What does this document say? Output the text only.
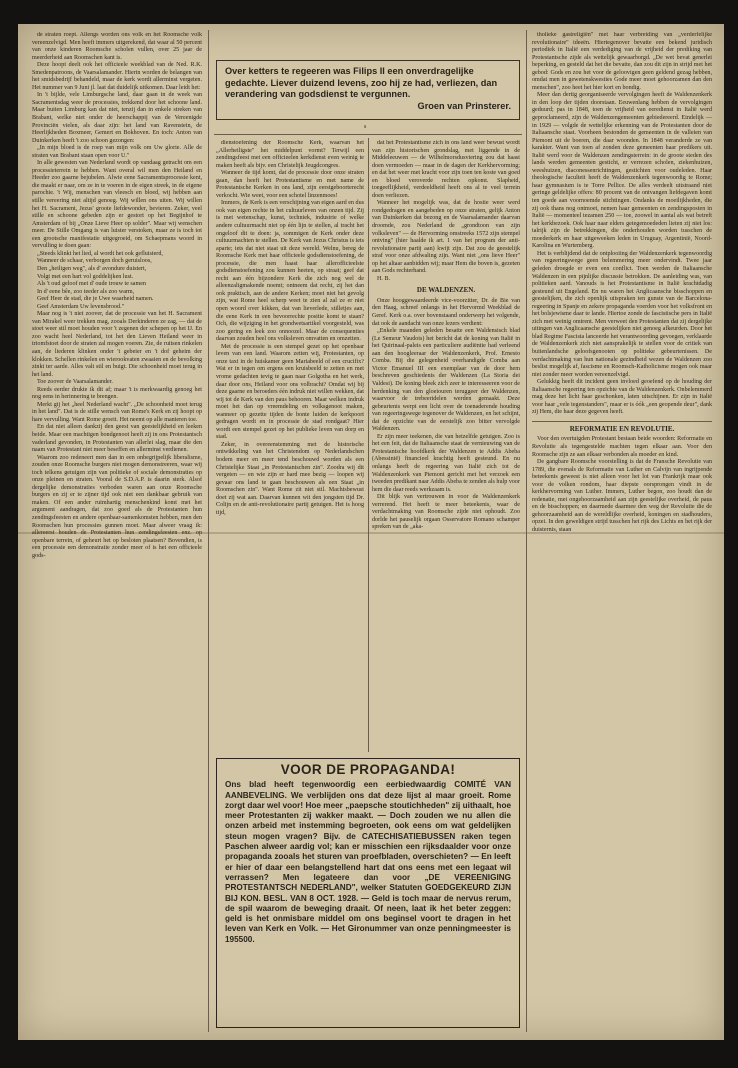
de straten roept. Allengs worden ons volk en het Roomsche volk vereenzelvigd. Men heeft immers uitgerekend, dat waar al 50 percent van onze kinderen Roomsche scholen vullen, over 25 jaar de meerderheid aan Roomschen kant is.

Deze hoopt deelt ook het officieele weekblad van de Ned. R.K. Smedenpatroons, de Vaarsalamander. Hierin worden de belangen van het smidsbedrijf behandeld, maar de kerk wordt allerminst vergeten. Het nummer van 9 Juni jl. laat dat duidelijk uitkomen. Daar leidt het:

In 't bijlde, vele Limburgsche land, daar gaan in de week van Sacramentsdag weer de processies, trekkend door het schoone land. Maar buiten Limburg kan dat niet, tenzij dan in enkele streken van Brabant, welke niet onder de heerschappij van de Vereenigde Provinciën vielen, als daar zijn: het land van Ravenstein, de Heerlijkheden Boxmeer, Gemert en Bokhoven. En toch: Anton van Duinkerken heeft 't zoo schoon gezongen:

„In mijn bloed is de roep van mijn volk om Uw glorie. Alle de straten van Brabant staan open voor U."

In alle gewesten van Nederland wordt op vandaag getracht om een processieterrein te hebben. Want overal wil men den Heiland en Heeder zoo gaarne bejubelen. Alwie eene Sacramentsprocessie kent, die maakt er naar, om ze in te voeren in de eigen streek, in de eigene parochie. 't Wij, menschen van vleesch en bloed, wij hebben aan stille vereering niet altijd genoeg. Wij willen ons uiten. Wij willen het H. Sacrament, Jezus' groote liefdewonder, bevieren. Zeker, veel stille en schoone gebeden zijn er gestort op het Begijnhof te Amsterdam of bij „Onze Lieve Heer op solder". Maar wij wenschen meer. De Stille Omgang is van luister verstoken, maar ze is toch tot een grootsche manifestatie uitgegroeid, om Schaepmans woord in vervulling te doen gaan:

„Steeds klinkt het lied, al wordt het ook gefluisterd,

Wanneer de schaar, verborgen doch geruisloos,

Den „heiligen weg", als d' avondure duistert,

Volgt met een hart vol goddelijken lust.

Als 't oud geloof met d' oude trouw te samen

In d' eene bêe, zoo teeder als zoo warm,

Geef Heer de stad, die je Uwe waarheid namen.

Geef Amsterdam Uw levensbrood."

Maar nog is 't niet zoover, dat de processie van het H. Sacrament van Mirakel weer trekken mag, zooals Derkinderen ze zag, — dat de stoet weer stil moet houden voor 't zegenen der schepen op het IJ. En zoo wacht heel Nederland, tot het den Lieven Heiland weer in triomfstoet door de straten zal mogen voeren. Zie, de ruitsen rinkelen aan, de liederen klinken onder 't gebeier en 't dof geheim der klokken. Schellen rinkelen en wierookvaten zwaaien en de bevolking zinkt ter aarde. Alles valt stil en buigt. Die schoonheid moet terug in het land.

Toe zoover de Vaarsalamander.

Reeds eerder drukte ik dit af; maar 't is merkwaardig genoeg het nog eens in herinnering te brengen.

Merkt gij het „heel Nederland wacht". „De schoonheid moet terug in het land". Dat is de stille wensch van Rome's Kerk en zij hoopt op hare vervulling. Want Rome groeit. Het neemt op alle manieren toe.

En dat niet alleen dankzij den geest van geestelijkheid en leeken beide. Maar een machtigen bondgenoot heeft zij in ons Protestantsch vaderland gevonden, in Protestanten van allerlei slag, maar die den naam van Protestant niet meer beseffen en allerminst verdienen.

Waarom zoo redeneert men dan in een onbegrijpelijk liberalisme, zouden onze Roomsche burgers niet mogen demonstreeren, waar wij toch telkens getuigen zijn van politieke of sociale demonstraties op onze pleinen en straten. Vooral de S.D.A.P. is daarin sterk. Alsof dergelijke demonstraties verboden waren aan onze Roomsche burgers en zij er te zijner tijd ook niet een dankbaar gebruik van maken. Of een ander ruimhartig menschenkind komt met het argument aandragen, dat zoo goed als de Protestanten hun zendingsfeesten en andere openbaar-samenkomsten hebben, men den Roomschen hun processies gunnen moet. Maar alweer vraag ik: allereerst houden de Protestanten hun zendingsfeesten enz. op openbare terrein, of geheurt het op besloten plaatsen? Bovendien, is een processie een demonstratie zonder meer of is het een officieele gods-

Over ketters te regeeren was Filips II een onverdragelijke gedachte. Liever duizend levens, zoo hij ze had, verliezen, dan verandering van godsdienst te vergunnen.
Groen van Prinsterer.
s

dienstoefening der Roomsche Kerk, waarvan het „Allerheiligste" het middelpunt vormt? Terwijl een zendingsfeest met een officieelen kerkdienst even weinig te maken heeft als bijv. een Christelijk Jeugdcongres.

Wanneer de tijd komt, dat de processie door onze straten gaan, dan heeft het Protestantisme en met name de Protestantsche Kerken in ons land, zijn eerstgeboorterecht verkocht. Wie weet, voor een schotel linzenmoes!

Immers, de Kerk is een verschijning van eigen aard en dus ook van eigen rechte in het cultuurleven van onzen tijd. Zij is met wetenschap, kunst, techniek, industrie of welke andere cultuurmacht niet op één lijn te stellen, al tracht het ongeloof dit te doen: ja, sommigen de Kerk onder deze cultuurmachten te stellen. De Kerk van Jezus Christus is iets aparte; iets dat niet staat uit deze wereld. Welnu, bereg de Roomsche Kerk met haar officieele godsdienstoefening, de processie, die men haast haar allerofficieelste godsdienstoefening zou kunnen heeten, op straat; geef dat recht aan één bijzondere Kerk die zich nog wel de alleenzaligmakende noemt; ontneem dat recht, zij het dan ook praktisch, aan de andere Kerken; moet niet het gevolg zijn, wat Rome heel scherp weet te zien al zal ze er niet open woord over kikken, dat van lieverlede, stilletjes aan, die eene Kerk in een bevoorrechte positie komt te staan? Och, die wijziging in het grondwetsartikel voorgesteld, was zoo gering en leek zoo onnoozel. Maar de consequenties daarvan zouden heel ons volksleven omvatten en omzetten.

Met de processie is een stempel gezet op het openbaar leven van een land. Waarom zetten wij, Protestanten, op onze taxi in de huiskamer geen Mariabeeld of een crucifix? Wat er in tegen om ergens een kruisbeeld te zetten en met vrome gedachten tevig te gaan naar Golgotha en het werk, daar door ons, Heiland voor ons volbracht? Omdat wij bij deze gaarne en beroeders één indruk niet willen wekken, dat wij tot de Kerk van den paus behooren. Maar welken indruk moet het dan op vreemdeling en volksgenoot maken, wanneer op gezette tijden de bonte luiden de kerkpoort gedragen wordt en in processie de stad rondgaat? Hier wordt een stempel gezet op het publieke leven van dorp en stad.

Zeker, in overeenstemming met de historische ontwikkeling van het Christendom op Nederlandschen bodem meer en meer tend beschouwd worden als een Christelijke Staat „in Protestantschen zin". Zoodra wij dit vergeten — en wie zijn er hard mee bezig — loopen wij gevaar ons land te gaan beschouwen als een Staat „in Roomschen zin". Want Rome zit niet stil. Machtsbewust doet zij wat aan. Daarvan kunnen wit den jongsten tijd Dr. Colijn en de anti-revolutionaire partij getuigen. Het is hoog tijd,

dat het Protestantisme zich in ons land weer bewust wordt van zijn historischen grondslag, met liggende in de Middeleeuwen — de Wilhelmorsdusviering zou dat haast doen vermoeden — maar in de dagen der Kerkhervorming; en dat het weer met kracht voor zijn toen ten koste van goed en bloed veroverde rechten opkomt. Slapheid, toegeeflijkheid, verdeeldheid heeft ons al te veel terrein doen verliezen.

Wanneer het mogelijk was, dat de hostie weer werd rondgedragen en aangebeden op onze straten, gelijk Anton van Duinkerken dat bezong en de Vaarsalamander daarvan droomde, zou Nederland de „grondtoon van zijn volksleven" — de Hervorming omstreeks 1572 zijn stempel ontving" (hier haalde ik art. 1 van het program der anti-revolutionaire partij aan) kwijt zijn. Dat zou de geestelijk straf voor onze afdwaling zijn. Want niet „ons lieve Heer" op het altaar aanbidden wij; maar Hem die boven is, gezeten aan Gods rechterhand.

H. B.

DE WALDENZEN.

Onze hooggewaardeerde vice-voorzitter, Dr. de Bie van den Haag, schreef onlangs in het Hervormd Weekblad de Geref. Kerk o.a. over bovenstaand onderwerp het volgende, dat ook de aandacht van onze lezers verdient:

„Enkele maanden geleden besatte een Waldensisch blad (Le Semeur Vaudois) het bericht dat de koning van Italië in het Quirinaal-paleis een particuliere audiëntie had verleend aan den hoogleeraar der Waldenzenkerk, Prof. Ernesto Comba. Bij die gelegenheid overhandigde Comba aan Victor Emanuel III een exemplaar van de door hem beschreven geschiedenis der Waldenzen (La Storia dei Valdesi). De koning bleek zich zeer te interesseeren voor de herdenking van den gloeiouren teruggeer der Waldenzen, waarvoor de trebeeridelen werden gemaakt. Deze gebeurtenis werpt een licht over de toenaderende houding van regeeringswege tegenover de Waldenzen, en het schijnt, dat de opzichte van de eerstelijk zoo bitter vervolgde Waldenzen.

Er zijn meer teekenen, die van hetzelfde getuigen. Zoo is het een feit, dat de Italiaansche staat de vernieuwing van de Protestantsche hoofdkerk der Waldenzen te Addis Abeba (Abessinië) financieel krachtig heeft gesteund. En nu onlangs heeft de regeering van Italië zich tot de Waldenzenkerk van Piemont gericht met het verzoek een tweeden predikant naar Addis Abeba te zenden als hulp voor hem die daar reeds werkzaam is.

Dit blijk van vertrouwen in voor de Waldenzenkerk verrerend. Het heeft te meer beteekenis, waar de verdachtmaking van Roomsche zijde niet ophoudt. Zoo dorlde het pauselijk orgaan Osservatore Romano schamper spreken van de „aka-

VOOR DE PROPAGANDA!
Ons blad heeft tegenwoordig een eerbiedwaardig COMITÉ VAN AANBEVELING. We verblijden ons dat deze lijst al maar groeit. Rome zorgt daar wel voor! Hoe meer „paepsche stoutichheden" zij uithaalt, hoe meer Protestanten zij wakker maakt. — Doch zouden we nu allen die onzen arbeid met instemming begroeten, ook eens om wat geldelijken steun mogen vragen? Bijv. de CATECHISATIEBUSSEN raken tegen Paschen alweer aardig vol; kan er misschien een rijksdaalder voor onze propaganda zooals het sturen van proefbladen, overschieten? — En leeft er hier of daar een belangstellend hart dat ons eens met een legaat wil verrassen? Men legateere dan voor „DE VEREENIGING PROTESTANTSCH NEDERLAND", welker Statuten GOEDGEKEURD ZIJN BIJ KON. BESL. VAN 8 OCT. 1928. — Geld is toch maar de nervus rerum, de spil waarom de beweging draait. Of neen, laat ik het beter zeggen: geld is het onmisbare middel om ons beginsel voort te dragen in het leven van Kerk en Volk. — Het Gironummer van onze penningmeester is 195500.

tholieke gastreligiën" met haar verbreiding van „verderfelijke revolutionaire" ideeën. Hiertegenover bevatte een bekend juridisch periodiek in Italië een verdediging van de vrijheid der prediking van Protestantsche zijde als wettelijk gewaarborgd. „De wet bevat generlei beperking, en gesteld dat het die bevatte, dan zou dit zijn in strijd met het gebod: Gods en zou het voor de geloovigen geen geldend gezag hebben, omdat men in gewetenskwesties Gode meer moet gehoorzamen dan den menschen", zoo heet het hier kort en bondig.

Meer dan dertig georganiseerde vervolgingen heeft de Waldenzenkerk in den loop der tijden doorstaan. Eeuwenlang hebben de vervolgingen geduurd; pas in 1848, toen de vrijheid van eeredienst in Italië werd geproclameerd, zijn de Waldenzengemeenten gebiedereerd. Eindelijk — in 1929 — volgde de wettelijke erkenning van de Protestanten door de Italiaansche staat. Voorheen bestonden de gemeenten in de valleien van Piemont uit de boeren, die daar woonden. In 1848 veranderde ze van karakter. Want van toen af zonden deze gemeenten haar predikers uit. Italië werd voor de Waldenzen zendingsterrein: in de groote steden des lands werden gemeenten gesticht, er verrezen scholen, ziekenhuizen, weeshuizen, diaconessenrichtingen, gestichten voor oudeleden. Haar theologische faculteit heeft de Waldenzenkerk tegenwoordig te Rome; haar gymnasium is te Torre Pellice. De alles verdeelt uitstraand niet geringe geldelijke offers: 80 procent van de ontvangen liefdegaven komt ten goede aan voornoemde stichtingen. Ondanks de moeilijkheden, die zij ook thans nog ontmoet, nemen haar gemeenten en zendingsposten in Italië — momenteel tezamen 250 — toe, zoowel in aantal als wat betreft het kerkbezoek. Ook haar naar elders getegemoededen lieten zij niet los: talrijk zijn de betrekkingen, die onderhouden worden tusschen de moederkerk en haar uitgeweeken leden in Uruguay, Argentinië, Noord-Karolina en Wurtemberg.

Het is verblijdend dat de ontplooiing der Waldenzenkerk tegenwoordig van regeeringswege geen belemmering meer ondervindt. Twee jaar geleden droegde er even een conflict. Toen werden de Italiaansche Waldenzen in een pijnlijke discussie betrokken. De aanleiding was, van politieken aard. Vanouds is het Protestantisme in Italië krachtdadig gesteund uit Engeland. En nu waren het Anglicaansche bisschoppen en geestelijken, die zich openlijk uitspraken ten gunste van de Barcelona-regeering in Spanje en zekere propaganda voerden voor het volksfront en het bolsjewisme daar te lande. Hiertoe zonde de fascistische pers in Italië zich met weinig omtrent. Men verweet den Protestanten dat zij dergelijke uitingen van Anglicaansche geestelijken niet genoeg afkeurden. Door het blad Regime Fascista lanceerde het verantwoording gevoegen, verklaarde de Waldenzenkerk zich niet aansprakelijk te stellen voor de critiek van buitenlandsche geloofsgenooten op politieke gebeurtenissen. De verdachtmaking van hun nationale gezindheid wezen de Waldenzen zoo beslist mogelijk af, fascisme en Roomsch-Katholicisme mogen ook maar niet zonder meer worden vereenzelvigd.

Gelukkig heeft dit incident geen invloed geoefend op de houding der Italiaansche regeering ten opzichte van de Waldenzenkerk. Onbelemmerd mag deze het licht haar geschonken, laten uitschijnen. Er zijn in Italië voor haar „vele tegenstanders", maar er is óók „een geopende deur", dank zij Hem, die haar deze gegeven heeft.

REFORMATIE EN REVOLUTIE.

Voor den overtuigden Protestant bestaan beide woorden: Reformatie en Revolutie als tegengestelde machten tegen elkaar aan. Voor den Roomsche zijn ze aan elkaar verbonden als moeder en kind.

De gangbare Roomsche voorstelling is dat de Fransche Revolutie van 1789, die evenals de Reformatie van Luther en Calvijn van ingrijpende beteekenis geweest is niet alleen voor het lot van Frankrijk maar ook voor de volken rondom, haar diepste oorsprongen vindt in de kerkhervorming van Luther. Immers, Luther begon, zoo houdt dan de redenatie, met ongehoorzaamheid aan zijn geestelijke overheid, de paus en de bisschoppen; en daarmede daarmee den weg der Revolutie die de gehoorzaamheid aan de wereldlijke overheid, koningen en stadhouders, opzei. In den geweldigen strijd tusschen het rijk des Lichts en het rijk der duisternis, staan
